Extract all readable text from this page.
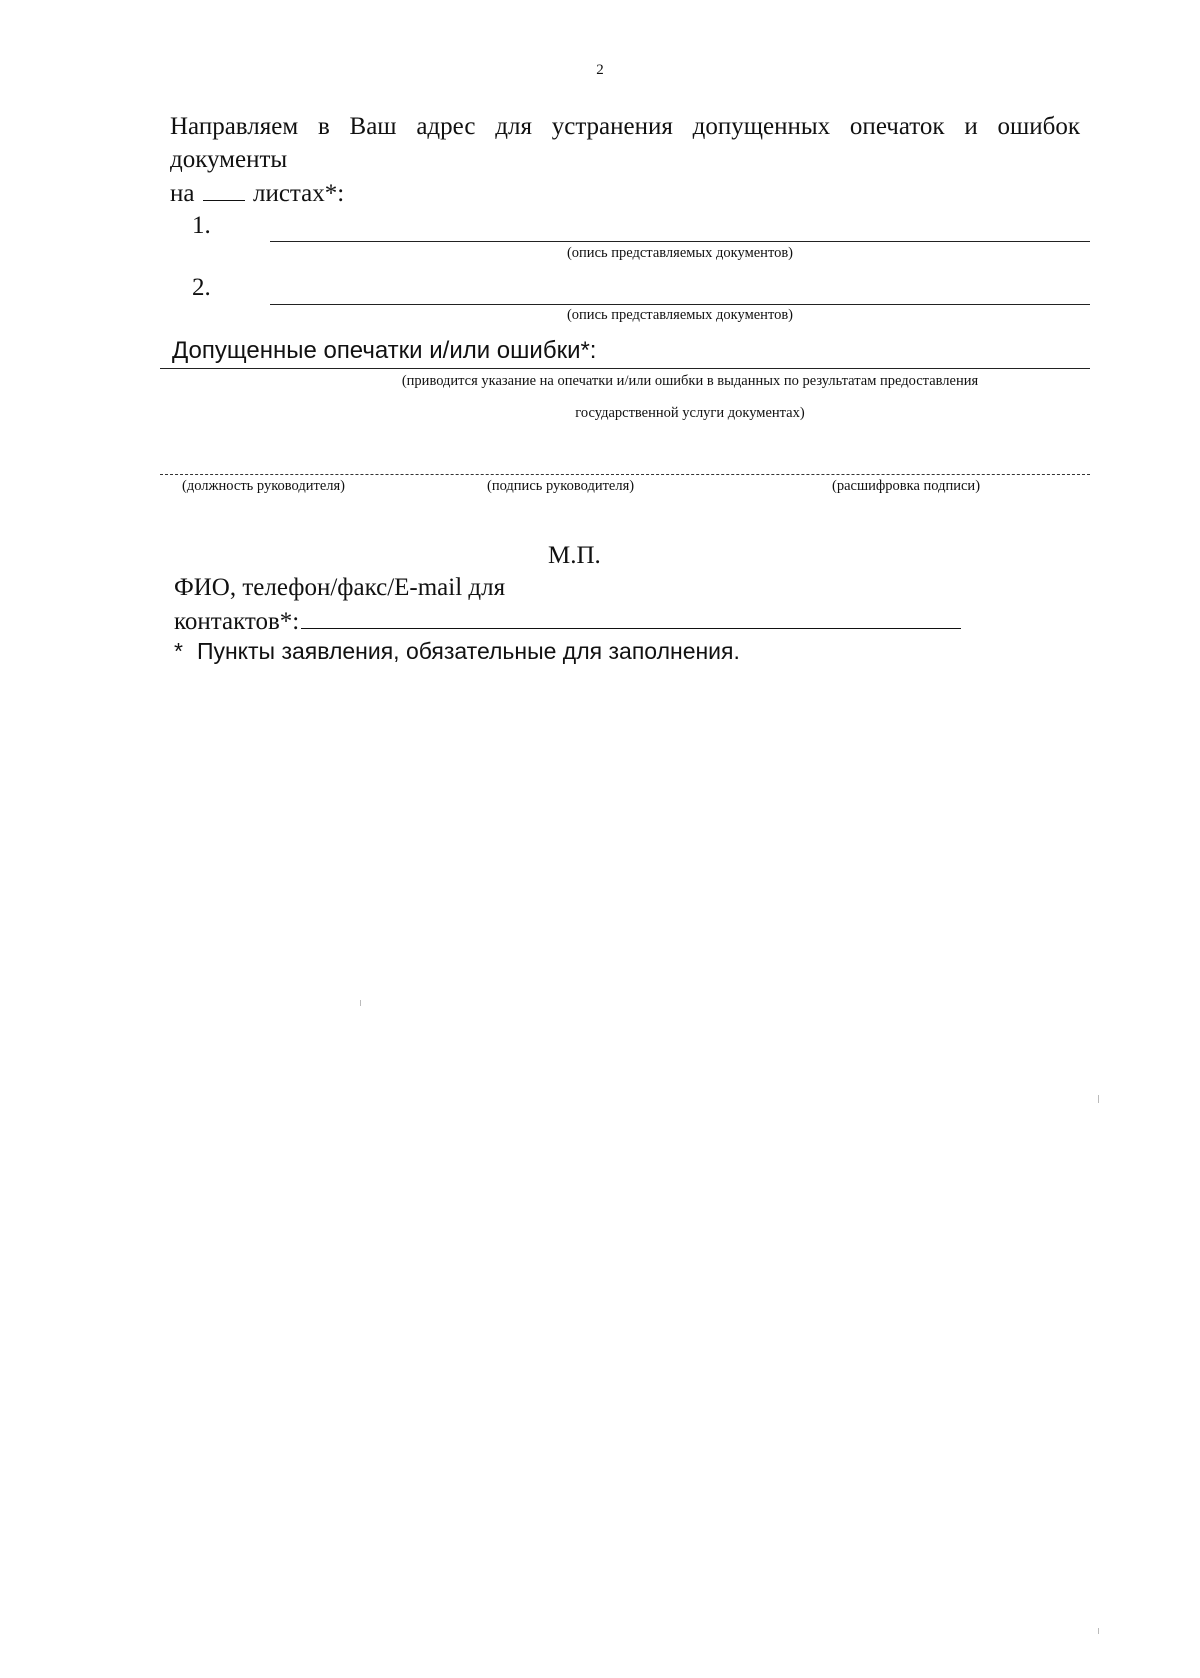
2
Направляем в Ваш адрес для устранения допущенных опечаток и ошибок
документы
на листах*:
1.
(опись представляемых документов)
2.
(опись представляемых документов)
Допущенные опечатки и/или ошибки*:
(приводится указание на опечатки и/или ошибки в выданных по результатам предоставления
государственной услуги документах)
(должность руководителя)	(подпись руководителя)	(расшифровка подписи)
М.П.
ФИО, телефон/факс/E-mail для
контактов*:
* Пункты заявления, обязательные для заполнения.
